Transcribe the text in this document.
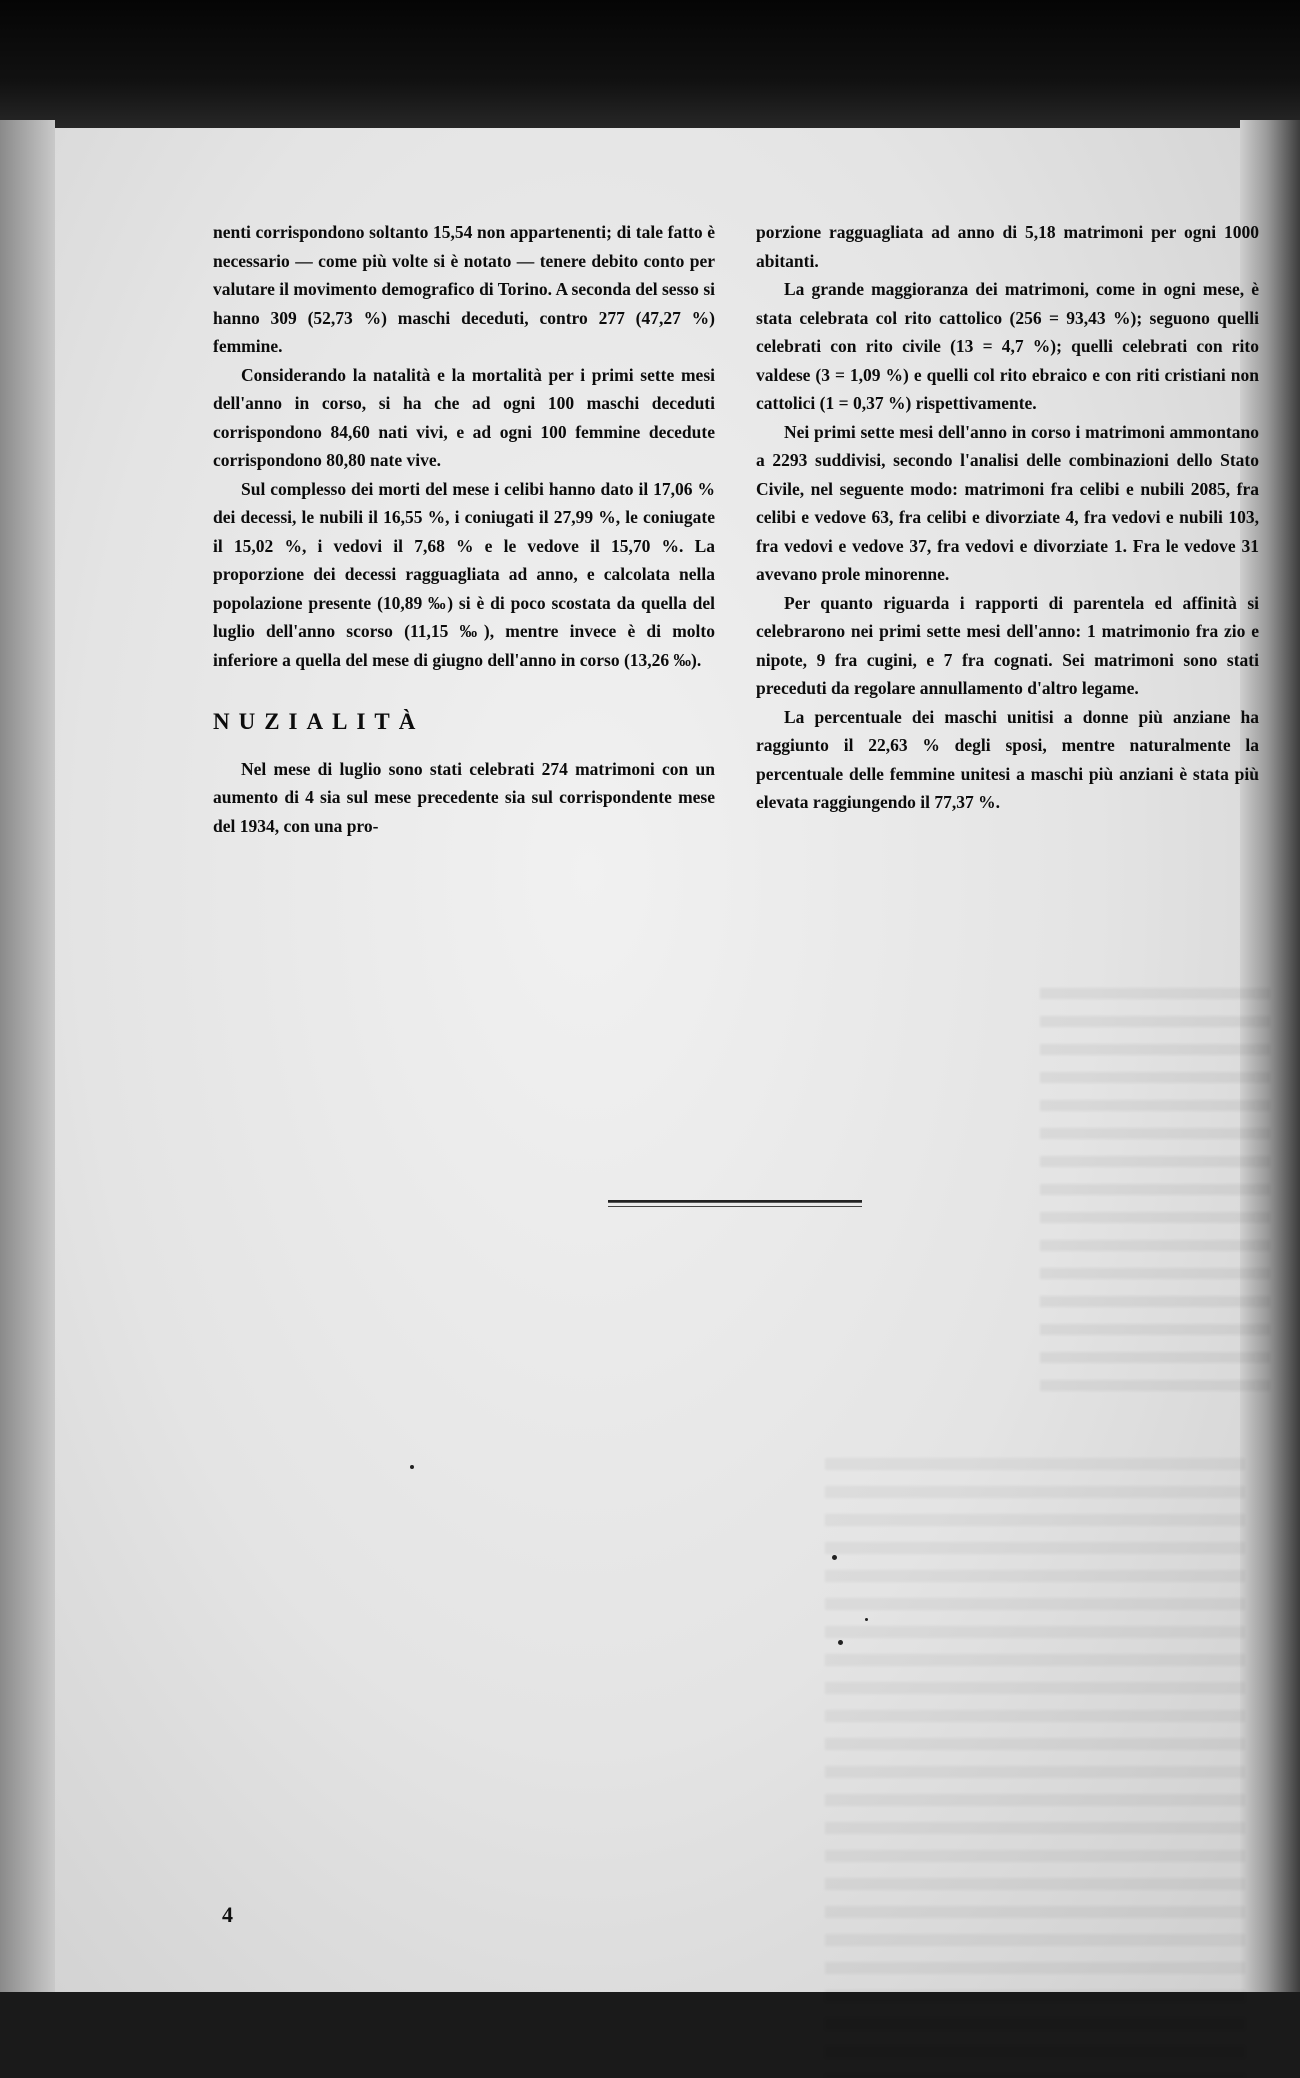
nenti corrispondono soltanto 15,54 non appartenenti; di tale fatto è necessario — come più volte si è notato — tenere debito conto per valutare il movimento demografico di Torino. A seconda del sesso si hanno 309 (52,73 %) maschi deceduti, contro 277 (47,27 %) femmine.

Considerando la natalità e la mortalità per i primi sette mesi dell'anno in corso, si ha che ad ogni 100 maschi deceduti corrispondono 84,60 nati vivi, e ad ogni 100 femmine decedute corrispondono 80,80 nate vive.

Sul complesso dei morti del mese i celibi hanno dato il 17,06 % dei decessi, le nubili il 16,55 %, i coniugati il 27,99 %, le coniugate il 15,02 %, i vedovi il 7,68 % e le vedove il 15,70 %. La proporzione dei decessi ragguagliata ad anno, e calcolata nella popolazione presente (10,89 ‰) si è di poco scostata da quella del luglio dell'anno scorso (11,15 ‰), mentre invece è di molto inferiore a quella del mese di giugno dell'anno in corso (13,26 ‰).

NUZIALITÀ

Nel mese di luglio sono stati celebrati 274 matrimoni con un aumento di 4 sia sul mese precedente sia sul corrispondente mese del 1934, con una pro-

porzione ragguagliata ad anno di 5,18 matrimoni per ogni 1000 abitanti.

La grande maggioranza dei matrimoni, come in ogni mese, è stata celebrata col rito cattolico (256 = 93,43 %); seguono quelli celebrati con rito civile (13 = 4,7 %); quelli celebrati con rito valdese (3 = 1,09 %) e quelli col rito ebraico e con riti cristiani non cattolici (1 = 0,37 %) rispettivamente.

Nei primi sette mesi dell'anno in corso i matrimoni ammontano a 2293 suddivisi, secondo l'analisi delle combinazioni dello Stato Civile, nel seguente modo: matrimoni fra celibi e nubili 2085, fra celibi e vedove 63, fra celibi e divorziate 4, fra vedovi e nubili 103, fra vedovi e vedove 37, fra vedovi e divorziate 1. Fra le vedove 31 avevano prole minorenne.

Per quanto riguarda i rapporti di parentela ed affinità si celebrarono nei primi sette mesi dell'anno: 1 matrimonio fra zio e nipote, 9 fra cugini, e 7 fra cognati. Sei matrimoni sono stati preceduti da regolare annullamento d'altro legame.

La percentuale dei maschi unitisi a donne più anziane ha raggiunto il 22,63 % degli sposi, mentre naturalmente la percentuale delle femmine unitesi a maschi più anziani è stata più elevata raggiungendo il 77,37 %.

4
